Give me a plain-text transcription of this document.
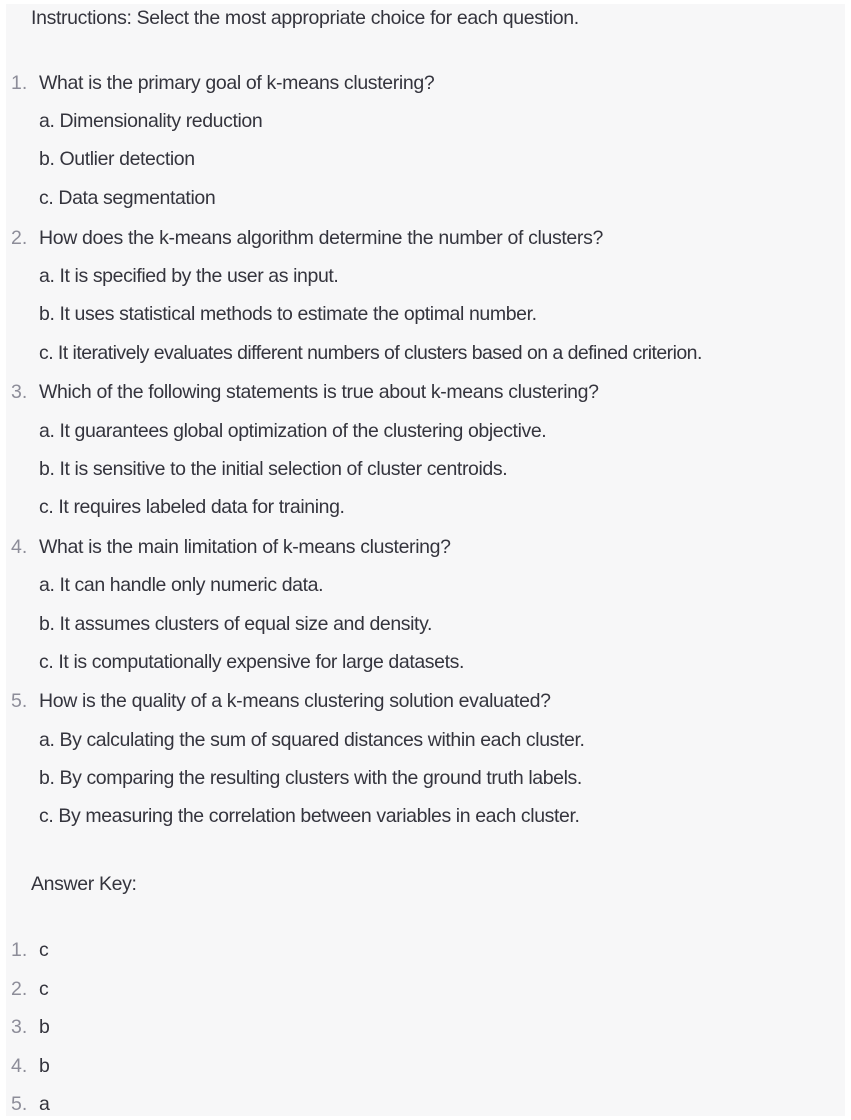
Instructions: Select the most appropriate choice for each question.
1. What is the primary goal of k-means clustering?
a. Dimensionality reduction
b. Outlier detection
c. Data segmentation
2. How does the k-means algorithm determine the number of clusters?
a. It is specified by the user as input.
b. It uses statistical methods to estimate the optimal number.
c. It iteratively evaluates different numbers of clusters based on a defined criterion.
3. Which of the following statements is true about k-means clustering?
a. It guarantees global optimization of the clustering objective.
b. It is sensitive to the initial selection of cluster centroids.
c. It requires labeled data for training.
4. What is the main limitation of k-means clustering?
a. It can handle only numeric data.
b. It assumes clusters of equal size and density.
c. It is computationally expensive for large datasets.
5. How is the quality of a k-means clustering solution evaluated?
a. By calculating the sum of squared distances within each cluster.
b. By comparing the resulting clusters with the ground truth labels.
c. By measuring the correlation between variables in each cluster.
Answer Key:
1. c
2. c
3. b
4. b
5. a
